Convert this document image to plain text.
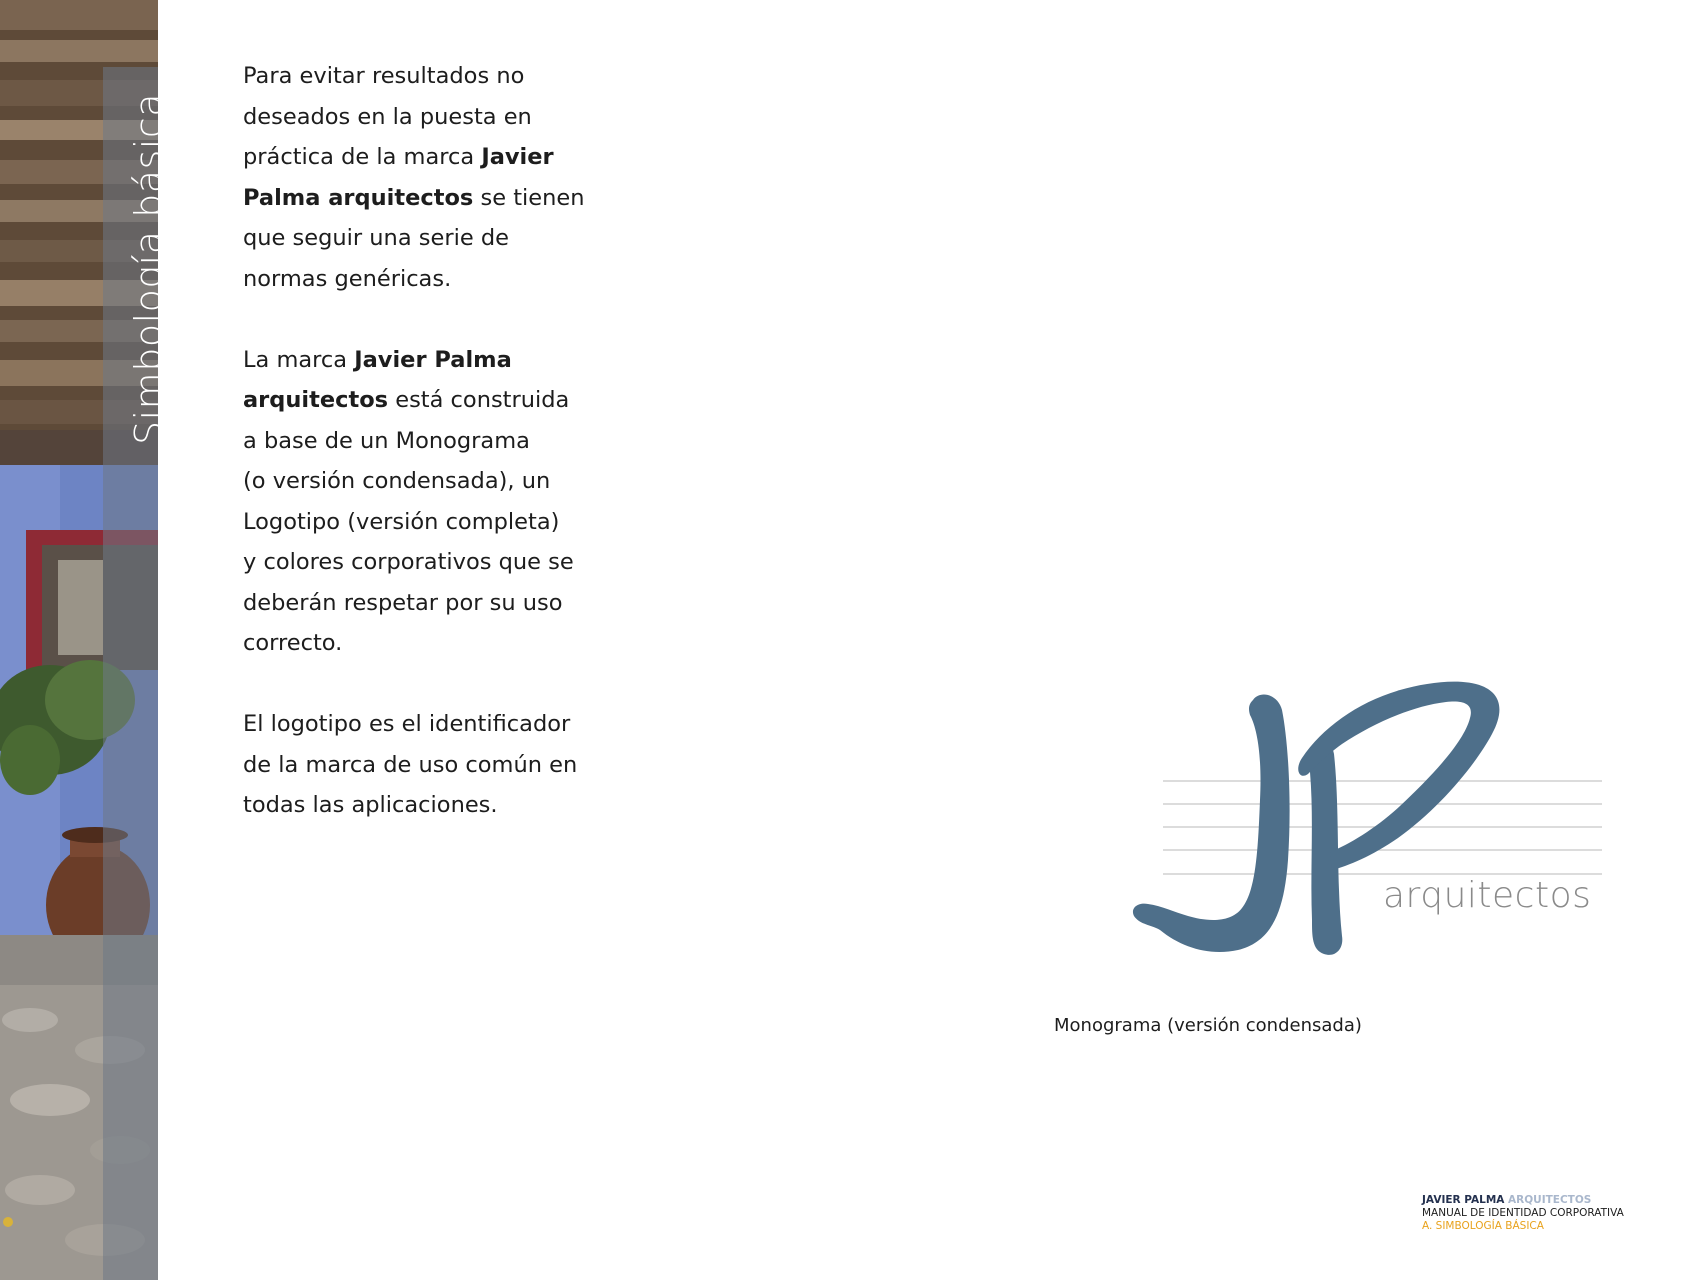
Simbología básica

Para evitar resultados no
deseados en la puesta en
práctica de la marca Javier
Palma arquitectos se tienen
que seguir una serie de
normas genéricas.

La marca Javier Palma
arquitectos está construida
a base de un Monograma
(o versión condensada), un
Logotipo (versión completa)
y colores corporativos que se
deberán respetar por su uso
correcto.

El logotipo es el identificador
de la marca de uso común en
todas las aplicaciones.

arquitectos
Monograma (versión condensada)
JAVIER PALMA ARQUITECTOS
MANUAL DE IDENTIDAD CORPORATIVA
A. SIMBOLOGÍA BÁSICA
